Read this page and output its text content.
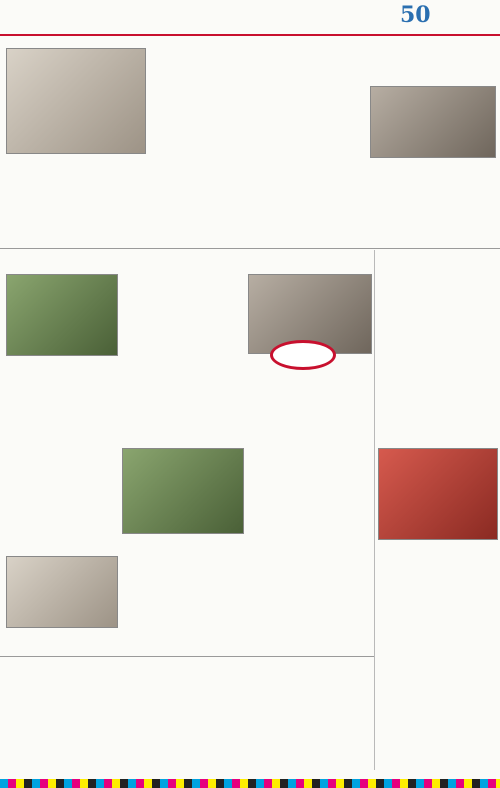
50
